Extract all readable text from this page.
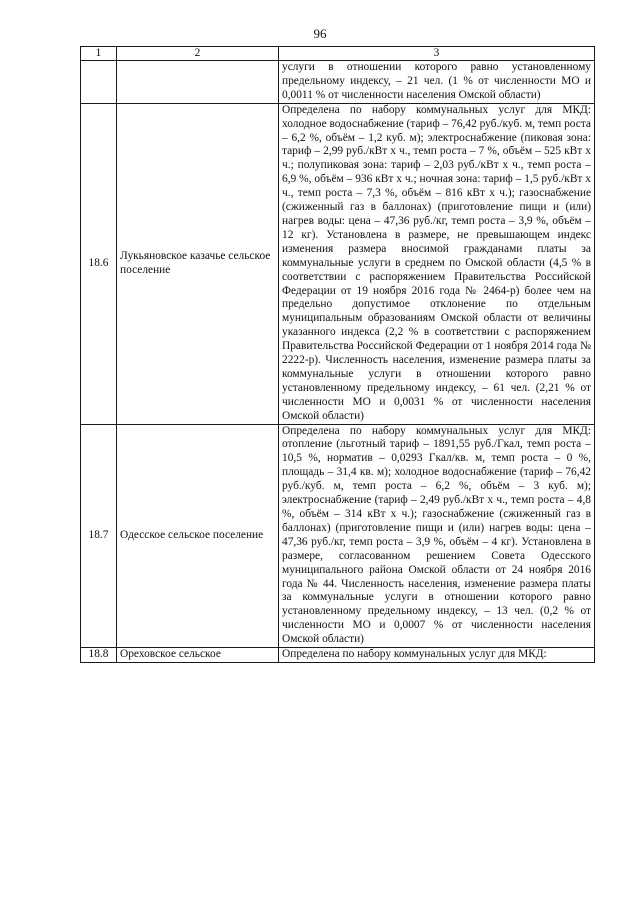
96
1	2	3

		услуги в отношении которого равно установленному предельному индексу, – 21 чел. (1 % от численности МО и 0,0011 % от численности населения Омской области)

18.6	Лукьяновское казачье сельское поселение	Определена по набору коммунальных услуг для МКД: холодное водоснабжение (тариф – 76,42 руб./куб. м, темп роста – 6,2 %, объём – 1,2 куб. м); электроснабжение (пиковая зона: тариф – 2,99 руб./кВт х ч., темп роста – 7 %, объём – 525 кВт х ч.; полупиковая зона: тариф – 2,03 руб./кВт х ч., темп роста – 6,9 %, объём – 936 кВт х ч.; ночная зона: тариф – 1,5 руб./кВт х ч., темп роста – 7,3 %, объём – 816 кВт х ч.); газоснабжение (сжиженный газ в баллонах) (приготовление пищи и (или) нагрев воды: цена – 47,36 руб./кг, темп роста – 3,9 %, объём – 12 кг). Установлена в размере, не превышающем индекс изменения размера вносимой гражданами платы за коммунальные услуги в среднем по Омской области (4,5 % в соответствии с распоряжением Правительства Российской Федерации от 19 ноября 2016 года № 2464-р) более чем на предельно допустимое отклонение по отдельным муниципальным образованиям Омской области от величины указанного индекса (2,2 % в соответствии с распоряжением Правительства Российской Федерации от 1 ноября 2014 года № 2222-р). Численность населения, изменение размера платы за коммунальные услуги в отношении которого равно установленному предельному индексу, – 61 чел. (2,21 % от численности МО и 0,0031 % от численности населения Омской области)

18.7	Одесское сельское поселение	Определена по набору коммунальных услуг для МКД: отопление (льготный тариф – 1891,55 руб./Гкал, темп роста – 10,5 %, норматив – 0,0293 Гкал/кв. м, темп роста – 0 %, площадь – 31,4 кв. м); холодное водоснабжение (тариф – 76,42 руб./куб. м, темп роста – 6,2 %, объём – 3 куб. м); электроснабжение (тариф – 2,49 руб./кВт х ч., темп роста – 4,8 %, объём – 314 кВт х ч.); газоснабжение (сжиженный газ в баллонах) (приготовление пищи и (или) нагрев воды: цена – 47,36 руб./кг, темп роста – 3,9 %, объём – 4 кг). Установлена в размере, согласованном решением Совета Одесского муниципального района Омской области от 24 ноября 2016 года № 44. Численность населения, изменение размера платы за коммунальные услуги в отношении которого равно установленному предельному индексу, – 13 чел. (0,2 % от численности МО и 0,0007 % от численности населения Омской области)

18.8	Ореховское сельское	Определена по набору коммунальных услуг для МКД:
